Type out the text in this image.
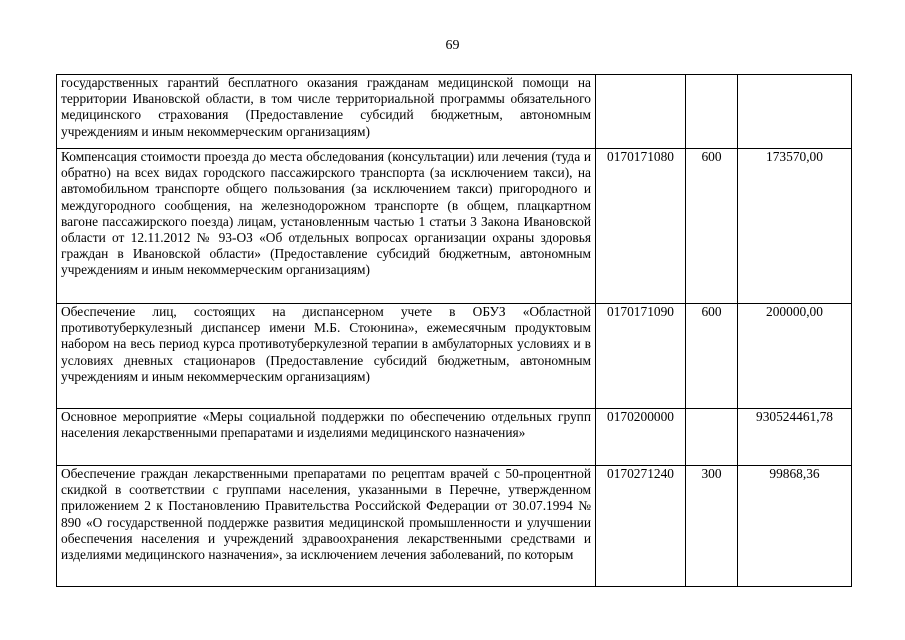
69
государственных гарантий бесплатного оказания гражданам медицинской помощи на территории Ивановской области, в том числе территориальной программы обязательного медицинского страхования (Предоставление субсидий бюджетным, автономным учреждениям и иным некоммерческим организациям)			
Компенсация стоимости проезда до места обследования (консультации) или лечения (туда и обратно) на всех видах городского пассажирского транспорта (за исключением такси), на автомобильном транспорте общего пользования (за исключением такси) пригородного и междугородного сообщения, на железнодорожном транспорте (в общем, плацкартном вагоне пассажирского поезда) лицам, установленным частью 1 статьи 3 Закона Ивановской области от 12.11.2012 № 93-ОЗ «Об отдельных вопросах организации охраны здоровья граждан в Ивановской области» (Предоставление субсидий бюджетным, автономным учреждениям и иным некоммерческим организациям)	0170171080	600	173570,00
Обеспечение лиц, состоящих на диспансерном учете в ОБУЗ «Областной противотуберкулезный диспансер имени М.Б. Стоюнина», ежемесячным продуктовым набором на весь период курса противотуберкулезной терапии в амбулаторных условиях и в условиях дневных стационаров (Предоставление субсидий бюджетным, автономным учреждениям и иным некоммерческим организациям)	0170171090	600	200000,00
Основное мероприятие «Меры социальной поддержки по обеспечению отдельных групп населения лекарственными препаратами и изделиями медицинского назначения»	0170200000		930524461,78
Обеспечение граждан лекарственными препаратами по рецептам врачей с 50-процентной скидкой в соответствии с группами населения, указанными в Перечне, утвержденном приложением 2 к Постановлению Правительства Российской Федерации от 30.07.1994 № 890 «О государственной поддержке развития медицинской промышленности и улучшении обеспечения населения и учреждений здравоохранения лекарственными средствами и изделиями медицинского назначения», за исключением лечения заболеваний, по которым	0170271240	300	99868,36
